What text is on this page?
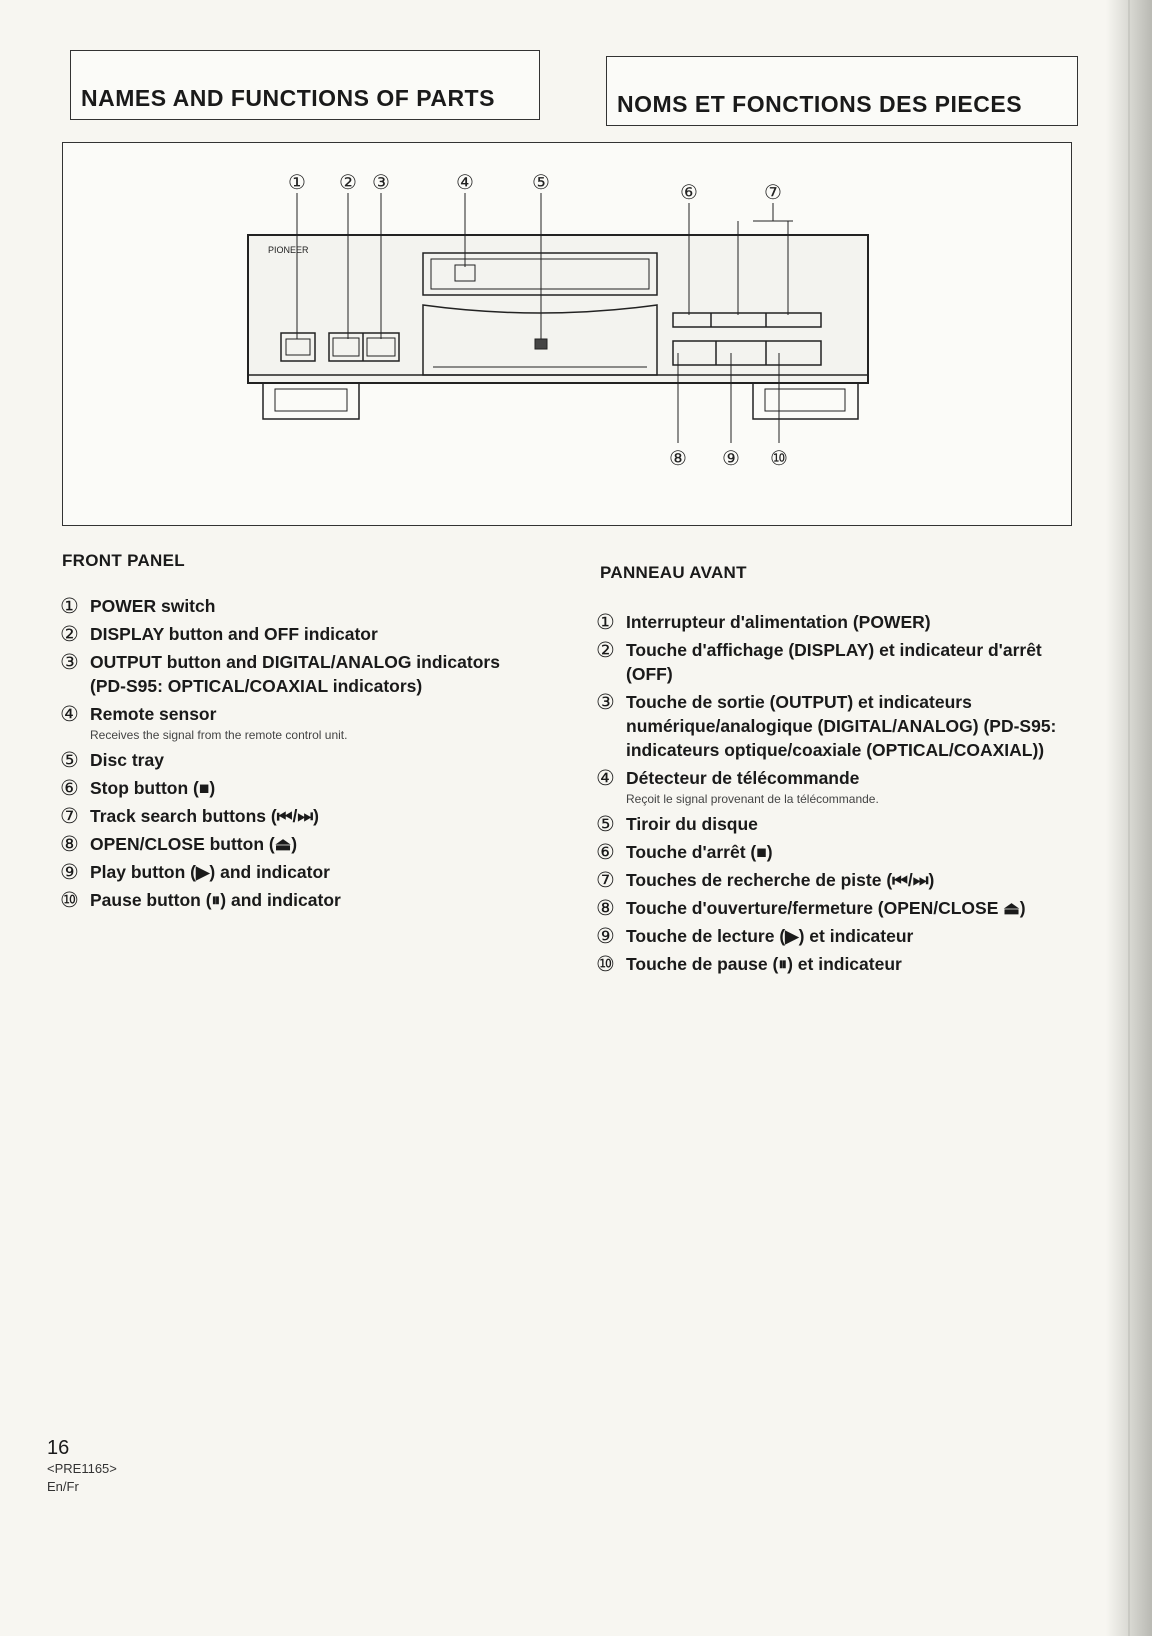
NAMES AND FUNCTIONS OF PARTS	NOMS ET FONCTIONS DES PIECES
PIONEER
① ② ③	④	⑤	⑥	⑦
⑧ ⑨ ⑩
FRONT PANEL
① POWER switch
② DISPLAY button and OFF indicator
③ OUTPUT button and DIGITAL/ANALOG indicators (PD-S95: OPTICAL/COAXIAL indicators)
④ Remote sensor
Receives the signal from the remote control unit.
⑤ Disc tray
⑥ Stop button (■)
⑦ Track search buttons (⏮/⏭)
⑧ OPEN/CLOSE button (⏏)
⑨ Play button (▶) and indicator
⑩ Pause button (⏸) and indicator
PANNEAU AVANT
① Interrupteur d'alimentation (POWER)
② Touche d'affichage (DISPLAY) et indicateur d'arrêt (OFF)
③ Touche de sortie (OUTPUT) et indicateurs numérique/analogique (DIGITAL/ANALOG) (PD-S95: indicateurs optique/coaxiale (OPTICAL/COAXIAL))
④ Détecteur de télécommande
Reçoit le signal provenant de la télécommande.
⑤ Tiroir du disque
⑥ Touche d'arrêt (■)
⑦ Touches de recherche de piste (⏮/⏭)
⑧ Touche d'ouverture/fermeture (OPEN/CLOSE ⏏)
⑨ Touche de lecture (▶) et indicateur
⑩ Touche de pause (⏸) et indicateur
16
<PRE1165>
En/Fr
